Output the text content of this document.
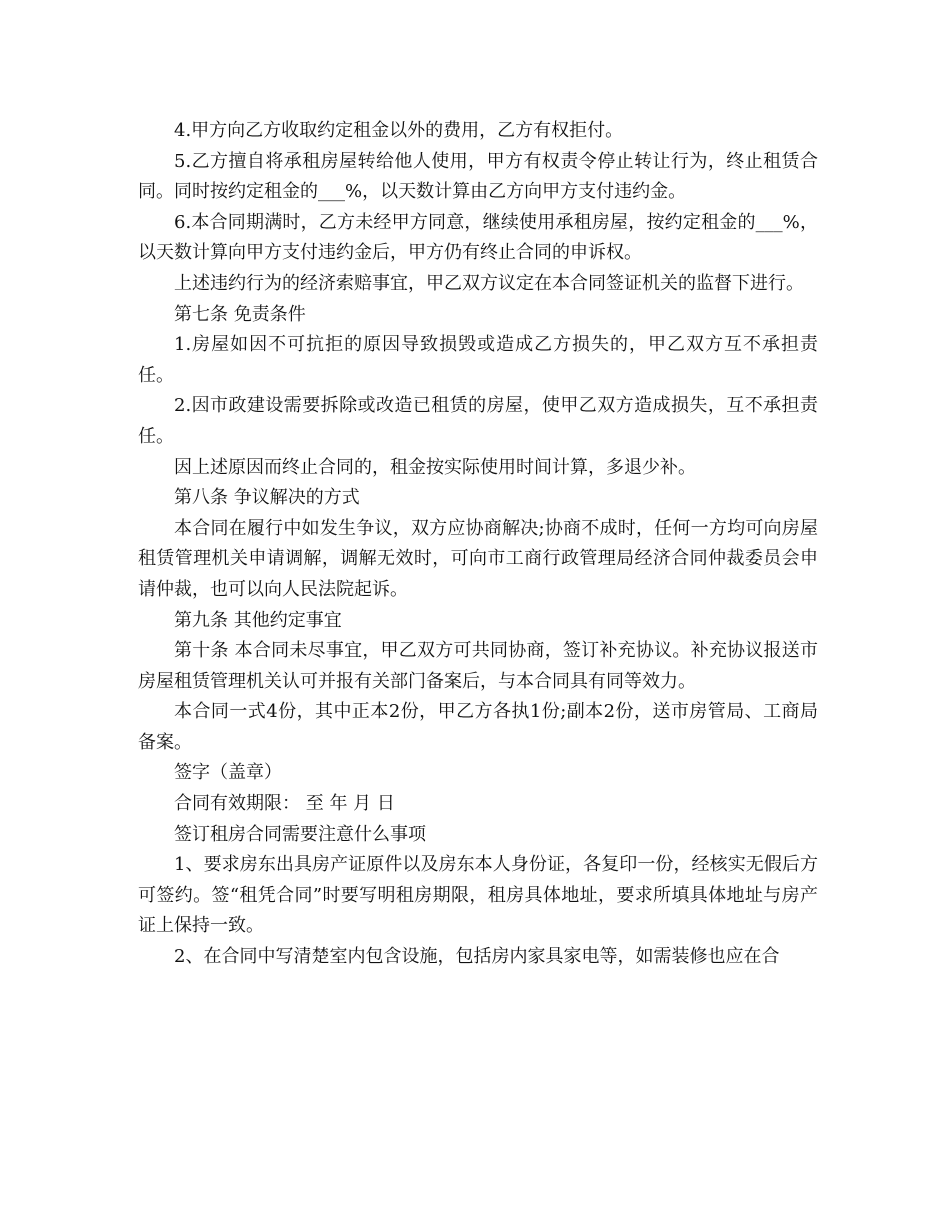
4.甲方向乙方收取约定租金以外的费用，乙方有权拒付。

5.乙方擅自将承租房屋转给他人使用，甲方有权责令停止转让行为，终止租赁合同。同时按约定租金的___%，以天数计算由乙方向甲方支付违约金。

6.本合同期满时，乙方未经甲方同意，继续使用承租房屋，按约定租金的___%，以天数计算向甲方支付违约金后，甲方仍有终止合同的申诉权。

上述违约行为的经济索赔事宜，甲乙双方议定在本合同签证机关的监督下进行。

第七条 免责条件

1.房屋如因不可抗拒的原因导致损毁或造成乙方损失的，甲乙双方互不承担责任。

2.因市政建设需要拆除或改造已租赁的房屋，使甲乙双方造成损失，互不承担责任。

因上述原因而终止合同的，租金按实际使用时间计算，多退少补。

第八条 争议解决的方式

本合同在履行中如发生争议，双方应协商解决;协商不成时，任何一方均可向房屋租赁管理机关申请调解，调解无效时，可向市工商行政管理局经济合同仲裁委员会申请仲裁，也可以向人民法院起诉。

第九条 其他约定事宜

第十条 本合同未尽事宜，甲乙双方可共同协商，签订补充协议。补充协议报送市房屋租赁管理机关认可并报有关部门备案后，与本合同具有同等效力。

本合同一式4份，其中正本2份，甲乙方各执1份;副本2份，送市房管局、工商局备案。

签字（盖章）

合同有效期限： 至 年 月 日

签订租房合同需要注意什么事项

1、要求房东出具房产证原件以及房东本人身份证，各复印一份，经核实无假后方可签约。签“租凭合同”时要写明租房期限，租房具体地址，要求所填具体地址与房产证上保持一致。

2、在合同中写清楚室内包含设施，包括房内家具家电等，如需装修也应在合
